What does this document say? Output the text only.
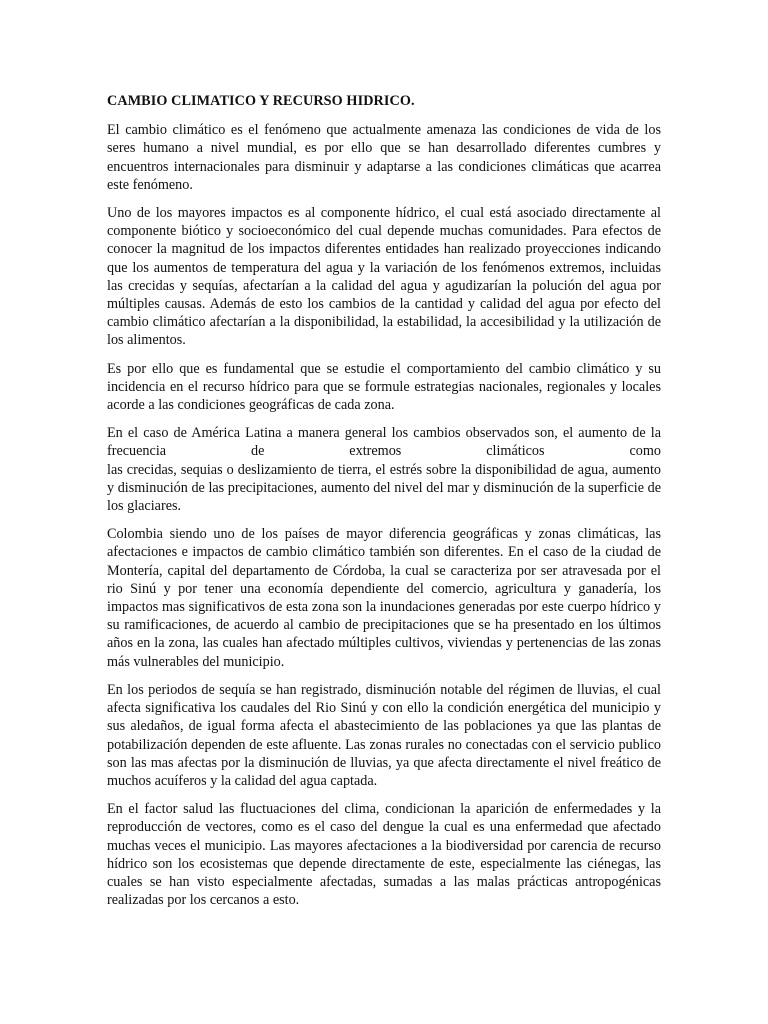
CAMBIO CLIMATICO Y RECURSO HIDRICO.

El cambio climático es el fenómeno que actualmente amenaza las condiciones de vida de los seres humano a nivel mundial, es por ello que se han desarrollado diferentes cumbres y encuentros internacionales para disminuir y adaptarse a las condiciones climáticas que acarrea este fenómeno.

Uno de los mayores impactos es al componente hídrico, el cual está asociado directamente al componente biótico y socioeconómico del cual depende muchas comunidades. Para efectos de conocer la magnitud de los impactos diferentes entidades han realizado proyecciones indicando que los aumentos de temperatura del agua y la variación de los fenómenos extremos, incluidas las crecidas y sequías, afectarían a la calidad del agua y agudizarían la polución del agua por múltiples causas. Además de esto los cambios de la cantidad y calidad del agua por efecto del cambio climático afectarían a la disponibilidad, la estabilidad, la accesibilidad y la utilización de los alimentos.

Es por ello que es fundamental que se estudie el comportamiento del cambio climático y su incidencia en el recurso hídrico para que se formule estrategias nacionales, regionales y locales acorde a las condiciones geográficas de cada zona.

En el caso de América Latina a manera general los cambios observados son, el aumento de la frecuencia de extremos climáticos como
las crecidas, sequias o deslizamiento de tierra, el estrés sobre la disponibilidad de agua, aumento y disminución de las precipitaciones, aumento del nivel del mar y disminución de la superficie de los glaciares.

Colombia siendo uno de los países de mayor diferencia geográficas y zonas climáticas, las afectaciones e impactos de cambio climático también son diferentes. En el caso de la ciudad de Montería, capital del departamento de Córdoba, la cual se caracteriza por ser atravesada por el rio Sinú y por tener una economía dependiente del comercio, agricultura y ganadería, los impactos mas significativos de esta zona son la inundaciones generadas por este cuerpo hídrico y su ramificaciones, de acuerdo al cambio de precipitaciones que se ha presentado en los últimos años en la zona, las cuales han afectado múltiples cultivos, viviendas y pertenencias de las zonas más vulnerables del municipio.

En los periodos de sequía se han registrado, disminución notable del régimen de lluvias, el cual afecta significativa los caudales del Rio Sinú y con ello la condición energética del municipio y sus aledaños, de igual forma afecta el abastecimiento de las poblaciones ya que las plantas de potabilización dependen de este afluente. Las zonas rurales no conectadas con el servicio publico son las mas afectas por la disminución de lluvias, ya que afecta directamente el nivel freático de muchos acuíferos y la calidad del agua captada.

En el factor salud las fluctuaciones del clima, condicionan la aparición de enfermedades y la reproducción de vectores, como es el caso del dengue la cual es una enfermedad que afectado muchas veces el municipio. Las mayores afectaciones a la biodiversidad por carencia de recurso hídrico son los ecosistemas que depende directamente de este, especialmente las ciénegas, las cuales se han visto especialmente afectadas, sumadas a las malas prácticas antropogénicas realizadas por los cercanos a esto.
